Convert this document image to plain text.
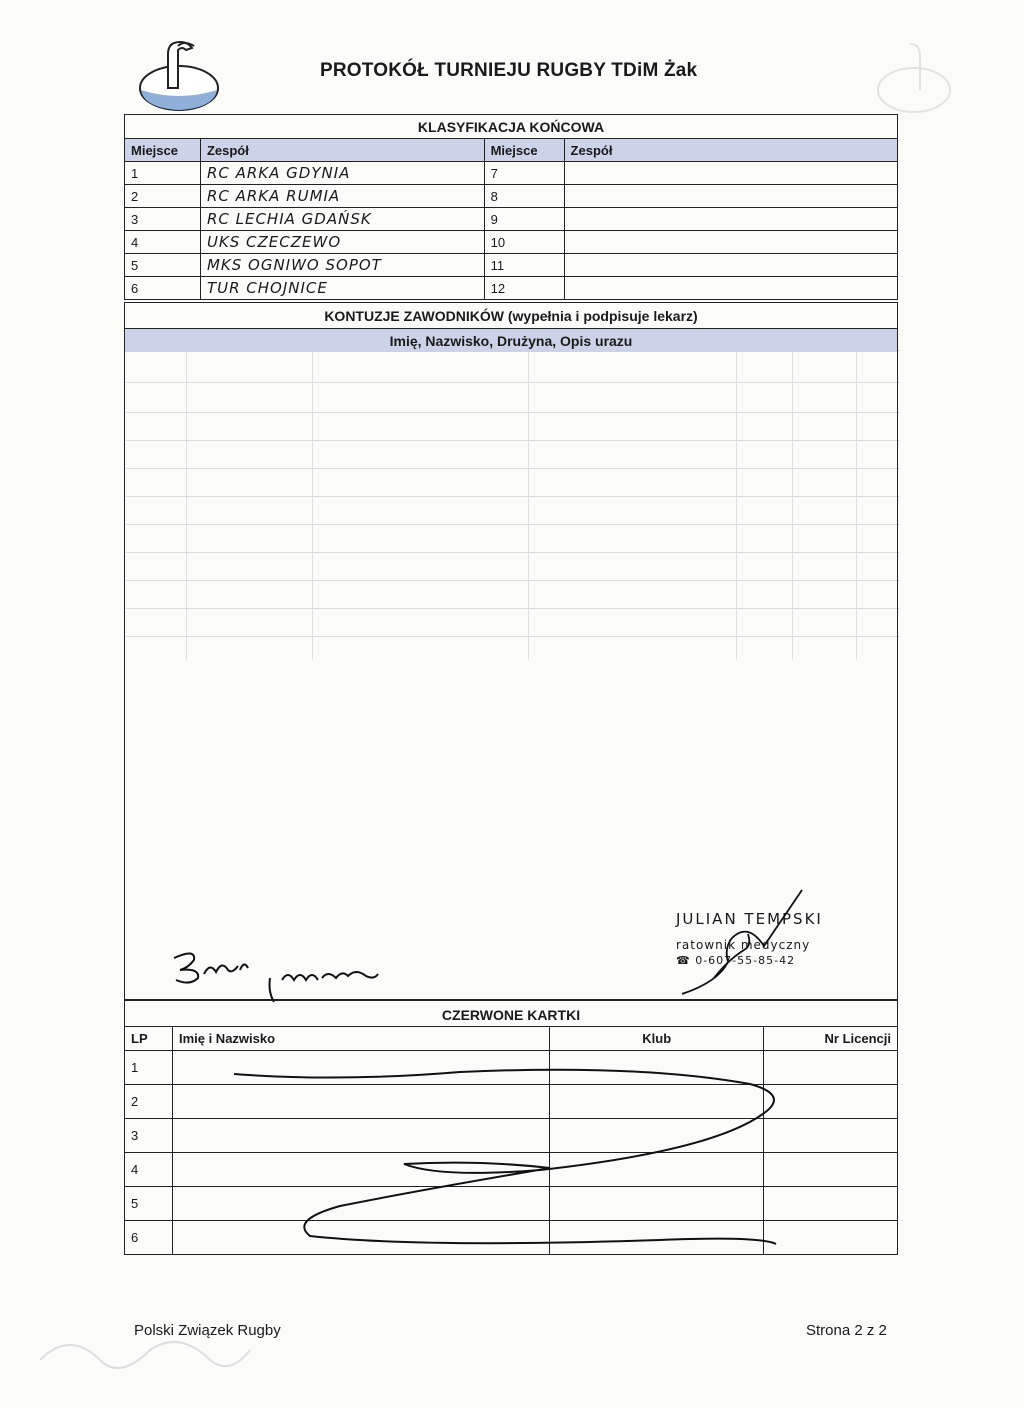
PROTOKÓŁ TURNIEJU RUGBY TDiM Żak
KLASYFIKACJA KOŃCOWA
Miejsce	Zespół	Miejsce	Zespół
1	RC ARKA GDYNIA	7	
2	RC ARKA RUMIA	8	
3	RC LECHIA GDAŃSK	9	
4	UKS CZECZEWO	10	
5	MKS OGNIWO SOPOT	11	
6	TUR CHOJNICE	12	
KONTUZJE ZAWODNIKÓW (wypełnia i podpisuje lekarz)
Imię, Nazwisko, Drużyna, Opis urazu
JULIAN TEMPSKI
ratownik medyczny
☎ 0-607-55-85-42
CZERWONE KARTKI
LP	Imię i Nazwisko	Klub	Nr Licencji
1			
2			
3			
4			
5			
6			
Polski Związek Rugby	Strona 2 z 2
